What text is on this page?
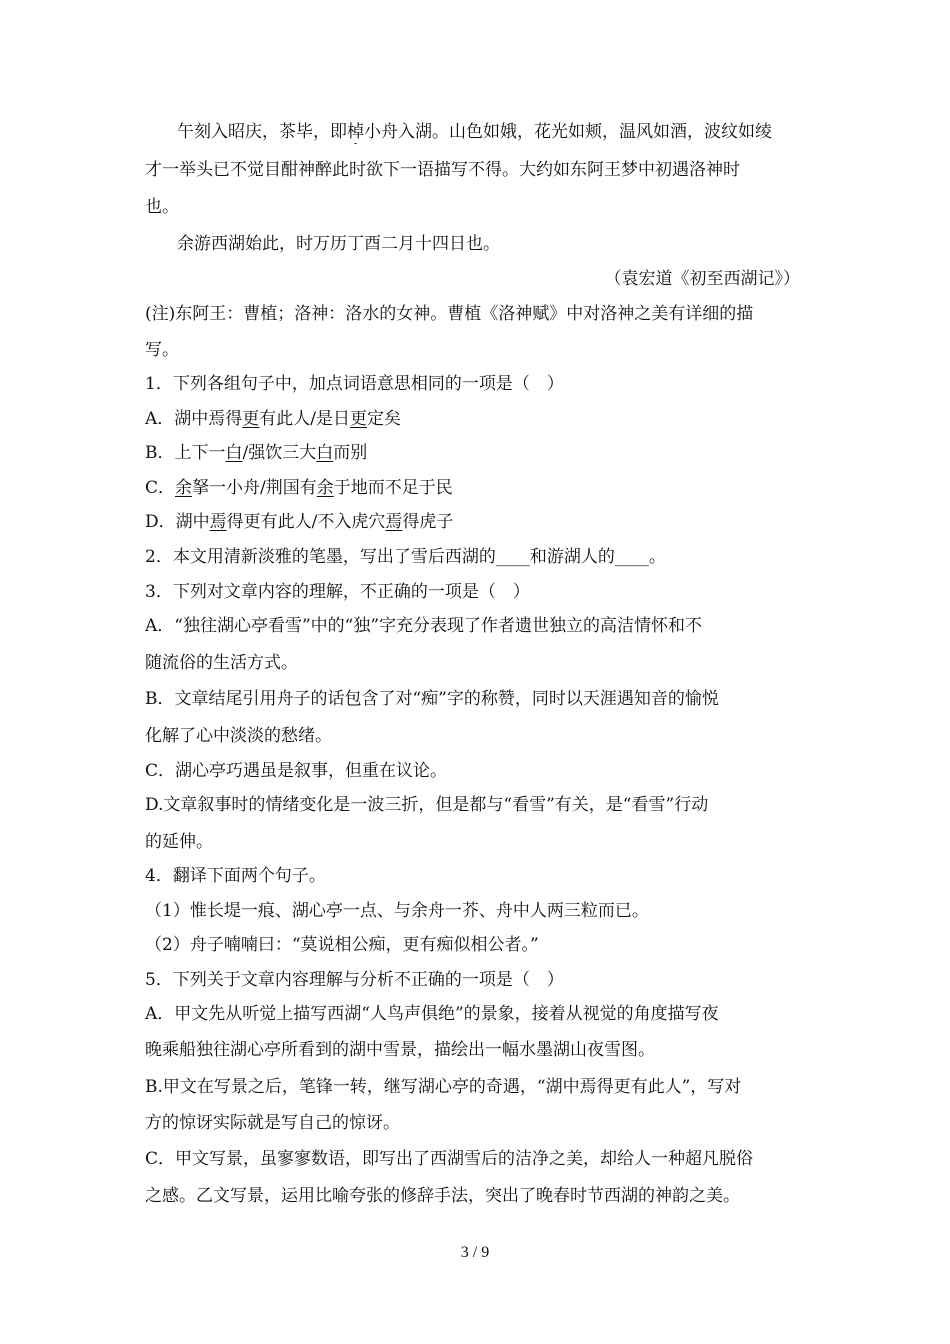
午刻入昭庆，茶毕，即棹小舟入湖。山色如娥，花光如颊，温风如酒，波纹如绫
才一举头已不觉目酣神醉此时欲下一语描写不得。大约如东阿王梦中初遇洛神时
也。
余游西湖始此，时万历丁酉二月十四日也。
（袁宏道《初至西湖记》）
(注)东阿王：曹植；洛神：洛水的女神。曹植《洛神赋》中对洛神之美有详细的描
写。
1．下列各组句子中，加点词语意思相同的一项是（　）
A．湖中焉得更有此人/是日更定矣
B．上下一白/强饮三大白而别
C．余拏一小舟/荆国有余于地而不足于民
D．湖中焉得更有此人/不入虎穴焉得虎子
2．本文用清新淡雅的笔墨，写出了雪后西湖的____和游湖人的____。
3．下列对文章内容的理解，不正确的一项是（　）
A．“独往湖心亭看雪”中的“独”字充分表现了作者遗世独立的高洁情怀和不
随流俗的生活方式。
B．文章结尾引用舟子的话包含了对“痴”字的称赞，同时以天涯遇知音的愉悦
化解了心中淡淡的愁绪。
C．湖心亭巧遇虽是叙事，但重在议论。
D.文章叙事时的情绪变化是一波三折，但是都与“看雪”有关，是“看雪”行动
的延伸。
4．翻译下面两个句子。
（1）惟长堤一痕、湖心亭一点、与余舟一芥、舟中人两三粒而已。
（2）舟子喃喃曰：“莫说相公痴，更有痴似相公者。”
5．下列关于文章内容理解与分析不正确的一项是（　）
A．甲文先从听觉上描写西湖“人鸟声俱绝”的景象，接着从视觉的角度描写夜
晚乘船独往湖心亭所看到的湖中雪景，描绘出一幅水墨湖山夜雪图。
B.甲文在写景之后，笔锋一转，继写湖心亭的奇遇，“湖中焉得更有此人”，写对
方的惊讶实际就是写自己的惊讶。
C．甲文写景，虽寥寥数语，即写出了西湖雪后的洁净之美，却给人一种超凡脱俗
之感。乙文写景，运用比喻夸张的修辞手法，突出了晚春时节西湖的神韵之美。
3 / 9
